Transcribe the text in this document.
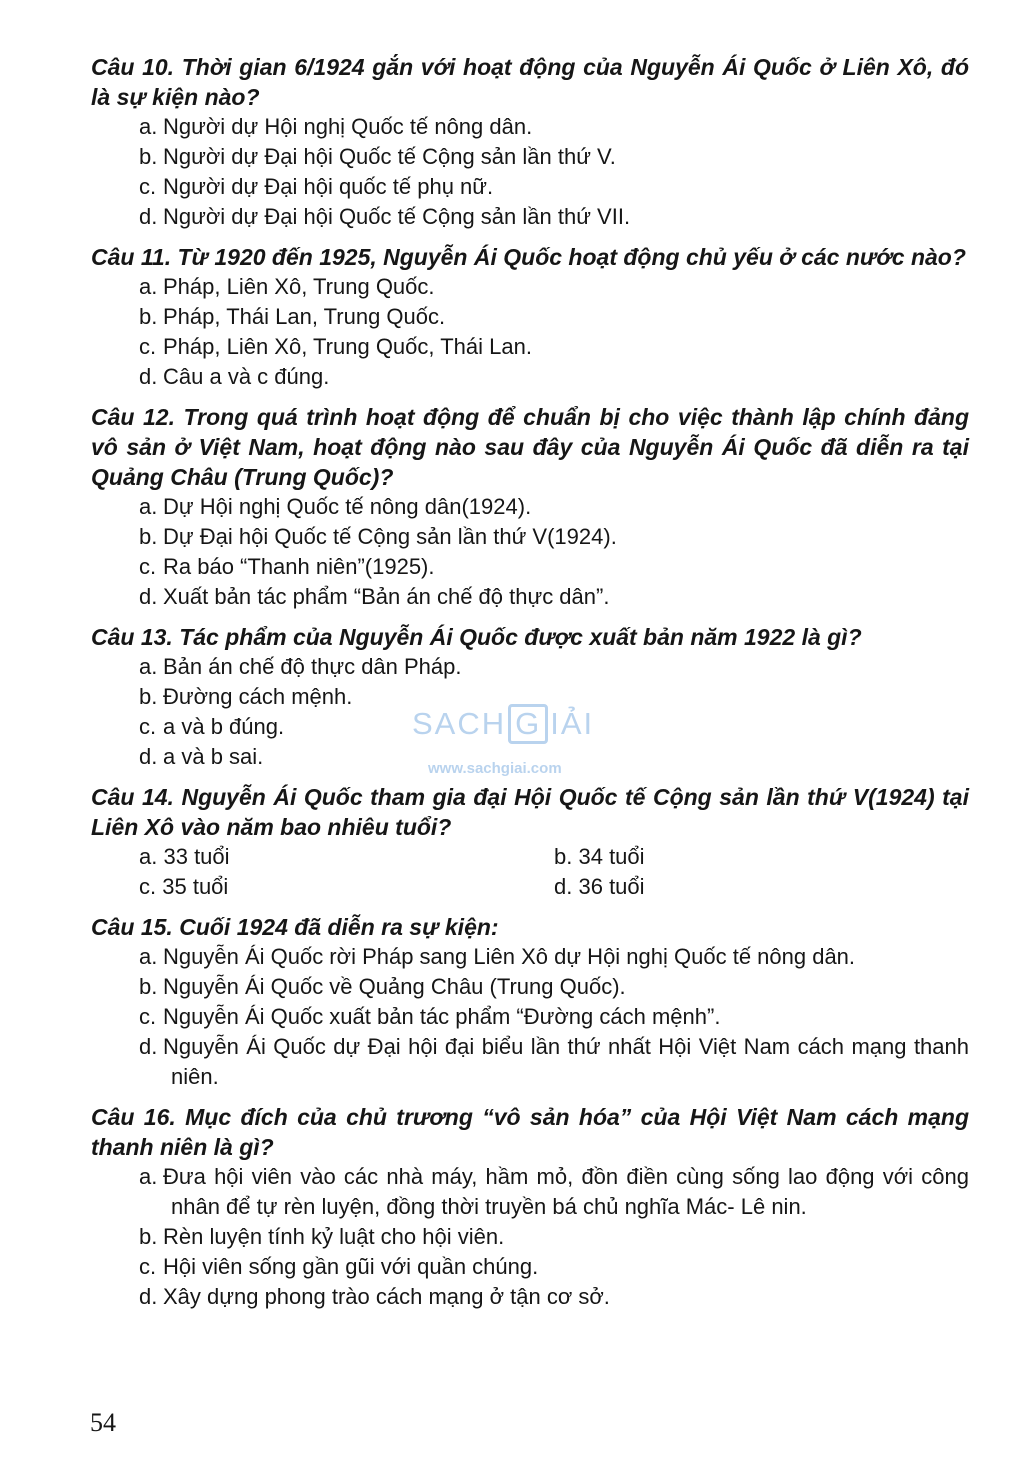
Câu 10. Thời gian 6/1924 gắn với hoạt động của Nguyễn Ái Quốc ở Liên Xô, đó là sự kiện nào?

a. Người dự Hội nghị Quốc tế nông dân.
b. Người dự Đại hội Quốc tế Cộng sản lần thứ V.
c. Người dự Đại hội quốc tế phụ nữ.
d. Người dự Đại hội Quốc tế Cộng sản lần thứ VII.

Câu 11. Từ 1920 đến 1925, Nguyễn Ái Quốc hoạt động chủ yếu ở các nước nào?

a. Pháp, Liên Xô, Trung Quốc.
b. Pháp, Thái Lan, Trung Quốc.
c. Pháp, Liên Xô, Trung Quốc, Thái Lan.
d. Câu a và c đúng.

Câu 12. Trong quá trình hoạt động để chuẩn bị cho việc thành lập chính đảng vô sản ở Việt Nam, hoạt động nào sau đây của Nguyễn Ái Quốc đã diễn ra tại Quảng Châu (Trung Quốc)?

a. Dự Hội nghị Quốc tế nông dân(1924).
b. Dự Đại hội Quốc tế Cộng sản lần thứ V(1924).
c. Ra báo “Thanh niên”(1925).
d. Xuất bản tác phẩm “Bản án chế độ thực dân”.

Câu 13. Tác phẩm của Nguyễn Ái Quốc được xuất bản năm 1922 là gì?

a. Bản án chế độ thực dân Pháp.
b. Đường cách mệnh.
c. a và b đúng.
d. a và b sai.

Câu 14. Nguyễn Ái Quốc tham gia đại Hội Quốc tế Cộng sản lần thứ V(1924) tại Liên Xô vào năm bao nhiêu tuổi?

a. 33 tuổi	b. 34 tuổi
c. 35 tuổi	d. 36 tuổi

Câu 15. Cuối 1924 đã diễn ra sự kiện:

a. Nguyễn Ái Quốc rời Pháp sang Liên Xô dự Hội nghị Quốc tế nông dân.
b. Nguyễn Ái Quốc về Quảng Châu (Trung Quốc).
c. Nguyễn Ái Quốc xuất bản tác phẩm “Đường cách mệnh”.
d. Nguyễn Ái Quốc dự Đại hội đại biểu lần thứ nhất Hội Việt Nam cách mạng thanh niên.

Câu 16. Mục đích của chủ trương “vô sản hóa” của Hội Việt Nam cách mạng thanh niên là gì?

a. Đưa hội viên vào các nhà máy, hầm mỏ, đồn điền cùng sống lao động với công nhân để tự rèn luyện, đồng thời truyền bá chủ nghĩa Mác- Lê nin.
b. Rèn luyện tính kỷ luật cho hội viên.
c. Hội viên sống gần gũi với quần chúng.
d. Xây dựng phong trào cách mạng ở tận cơ sở.
SACH G IẢI
www.sachgiai.com
54
